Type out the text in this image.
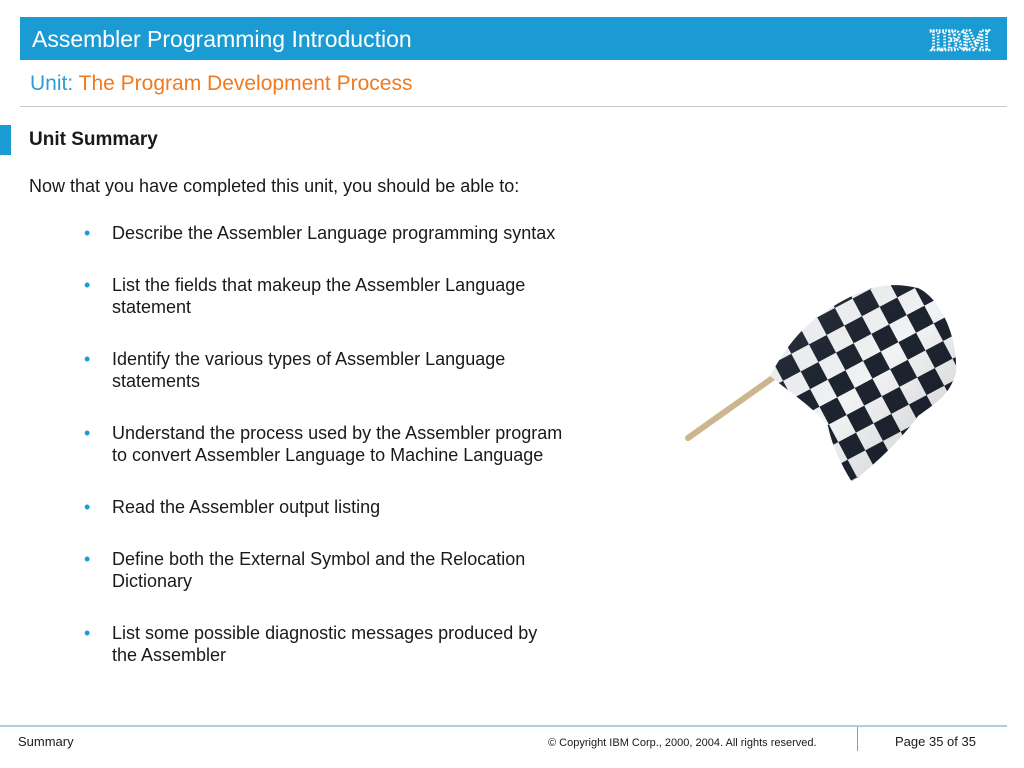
Assembler Programming Introduction	IBM
Unit: The Program Development Process
Unit Summary
Now that you have completed this unit, you should be able to:
• Describe the Assembler Language programming syntax
• List the fields that makeup the Assembler Language
statement
• Identify the various types of Assembler Language
statements
• Understand the process used by the Assembler program
to convert Assembler Language to Machine Language
• Read the Assembler output listing
• Define both the External Symbol and the Relocation
Dictionary
• List some possible diagnostic messages produced by
the Assembler
Summary	© Copyright IBM Corp., 2000, 2004. All rights reserved.	Page 35 of 35
